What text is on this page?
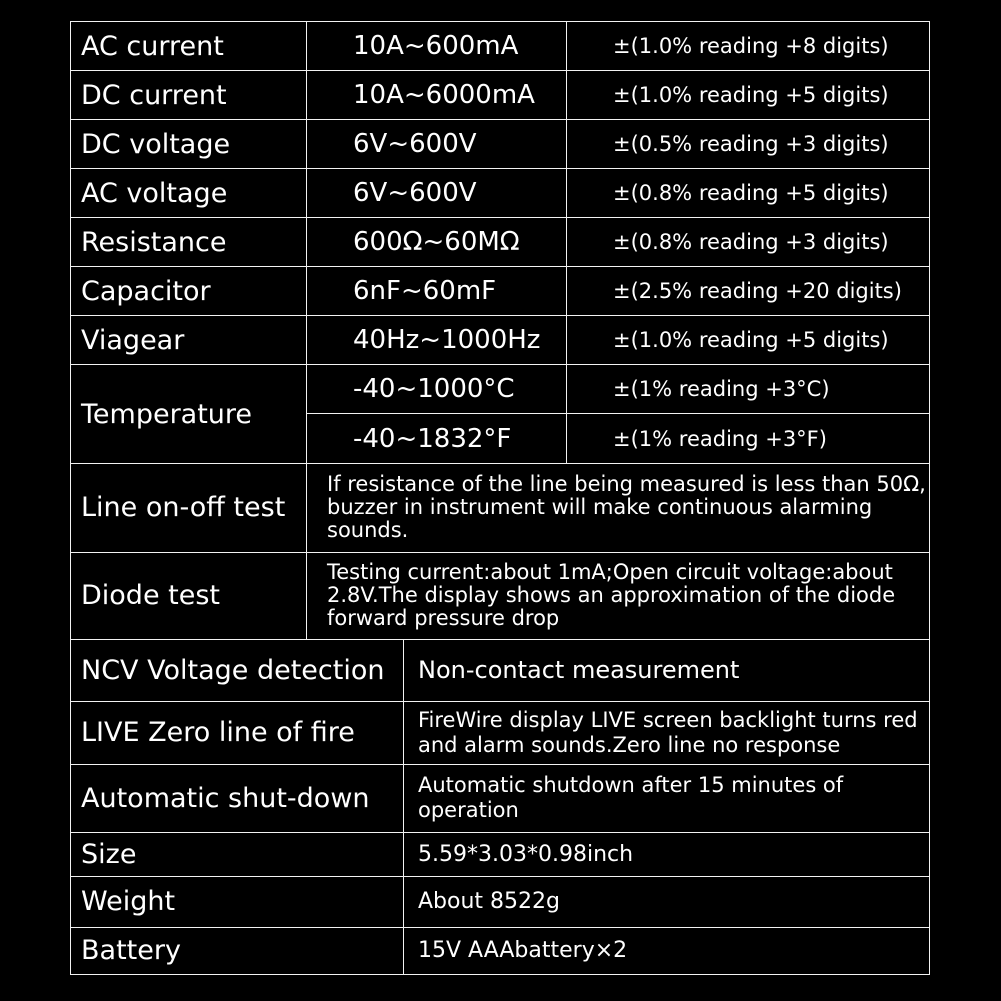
AC current	10A~600mA		±(1.0% reading +8 digits)
DC current	10A~6000mA		±(1.0% reading +5 digits)
DC voltage	6V~600V		±(0.5% reading +3 digits)
AC voltage	6V~600V		±(0.8% reading +5 digits)
Resistance	600Ω~60MΩ		±(0.8% reading +3 digits)
Capacitor	6nF~60mF		±(2.5% reading +20 digits)
Viagear	40Hz~1000Hz		±(1.0% reading +5 digits)
Temperature	-40~1000°C		±(1% reading +3°C)
	-40~1832°F		±(1% reading +3°F)
Line on-off test	If resistance of the line being measured is less than 50Ω, buzzer in instrument will make continuous alarming sounds.		
Diode test	Testing current:about 1mA;Open circuit voltage:about 2.8V.The display shows an approximation of the diode forward pressure drop		
NCV Voltage detection		Non-contact measurement	
LIVE Zero line of fire		FireWire display LIVE screen backlight turns red and alarm sounds.Zero line no response	
Automatic shut-down		Automatic shutdown after 15 minutes of operation	
Size		5.59*3.03*0.98inch	
Weight		About 8522g	
Battery		15V AAAbattery×2	
